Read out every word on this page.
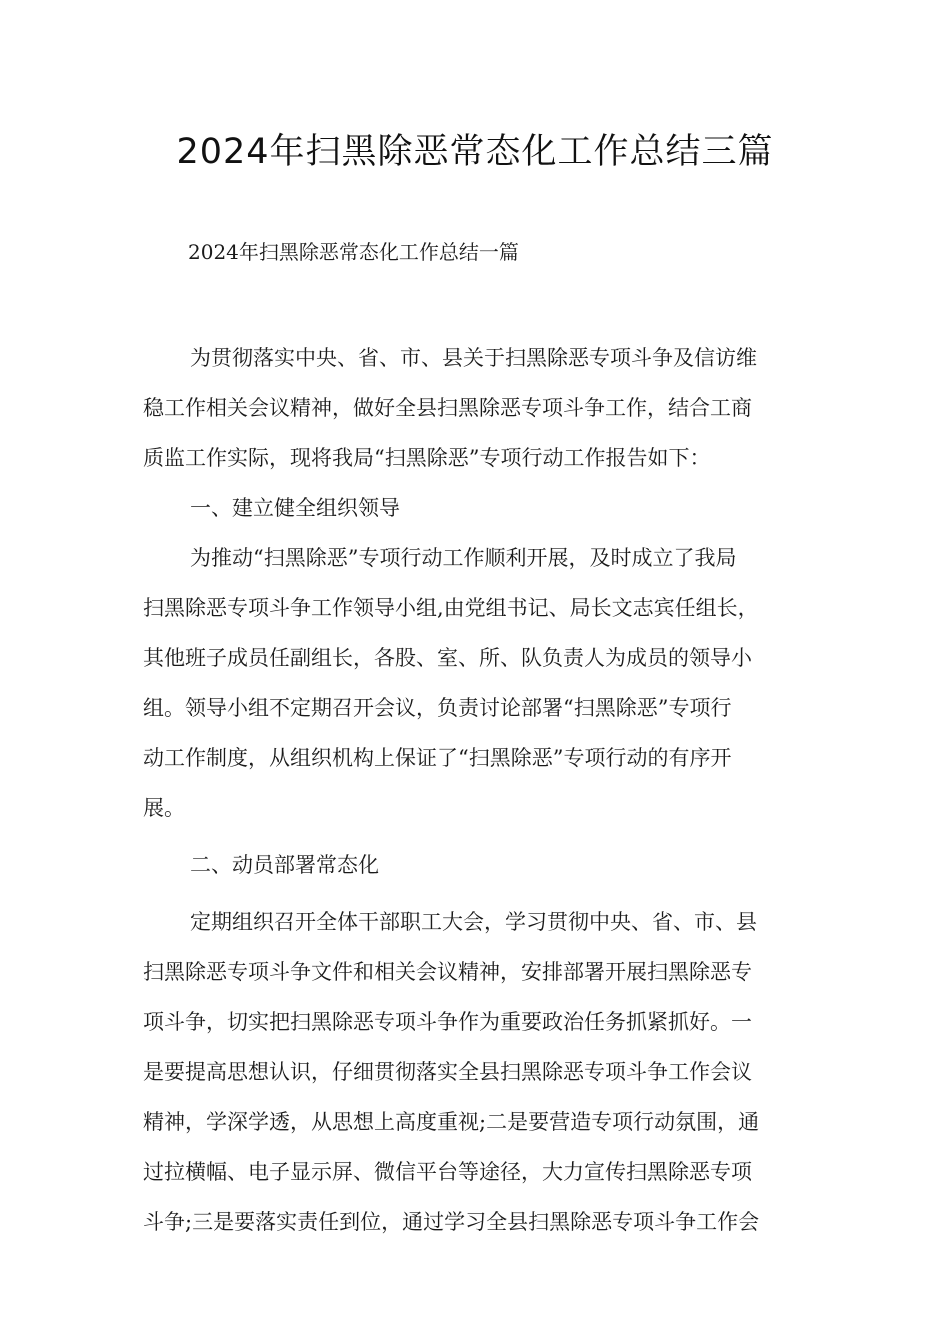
2024年扫黑除恶常态化工作总结三篇
2024年扫黑除恶常态化工作总结一篇
为贯彻落实中央、省、市、县关于扫黑除恶专项斗争及信访维
稳工作相关会议精神，做好全县扫黑除恶专项斗争工作，结合工商
质监工作实际，现将我局“扫黑除恶”专项行动工作报告如下：
一、建立健全组织领导
为推动“扫黑除恶”专项行动工作顺利开展，及时成立了我局
扫黑除恶专项斗争工作领导小组,由党组书记、局长文志宾任组长，
其他班子成员任副组长，各股、室、所、队负责人为成员的领导小
组。领导小组不定期召开会议，负责讨论部署“扫黑除恶”专项行
动工作制度，从组织机构上保证了“扫黑除恶”专项行动的有序开
展。
二、动员部署常态化
定期组织召开全体干部职工大会，学习贯彻中央、省、市、县
扫黑除恶专项斗争文件和相关会议精神，安排部署开展扫黑除恶专
项斗争，切实把扫黑除恶专项斗争作为重要政治任务抓紧抓好。一
是要提高思想认识，仔细贯彻落实全县扫黑除恶专项斗争工作会议
精神，学深学透，从思想上高度重视;二是要营造专项行动氛围，通
过拉横幅、电子显示屏、微信平台等途径，大力宣传扫黑除恶专项
斗争;三是要落实责任到位，通过学习全县扫黑除恶专项斗争工作会
